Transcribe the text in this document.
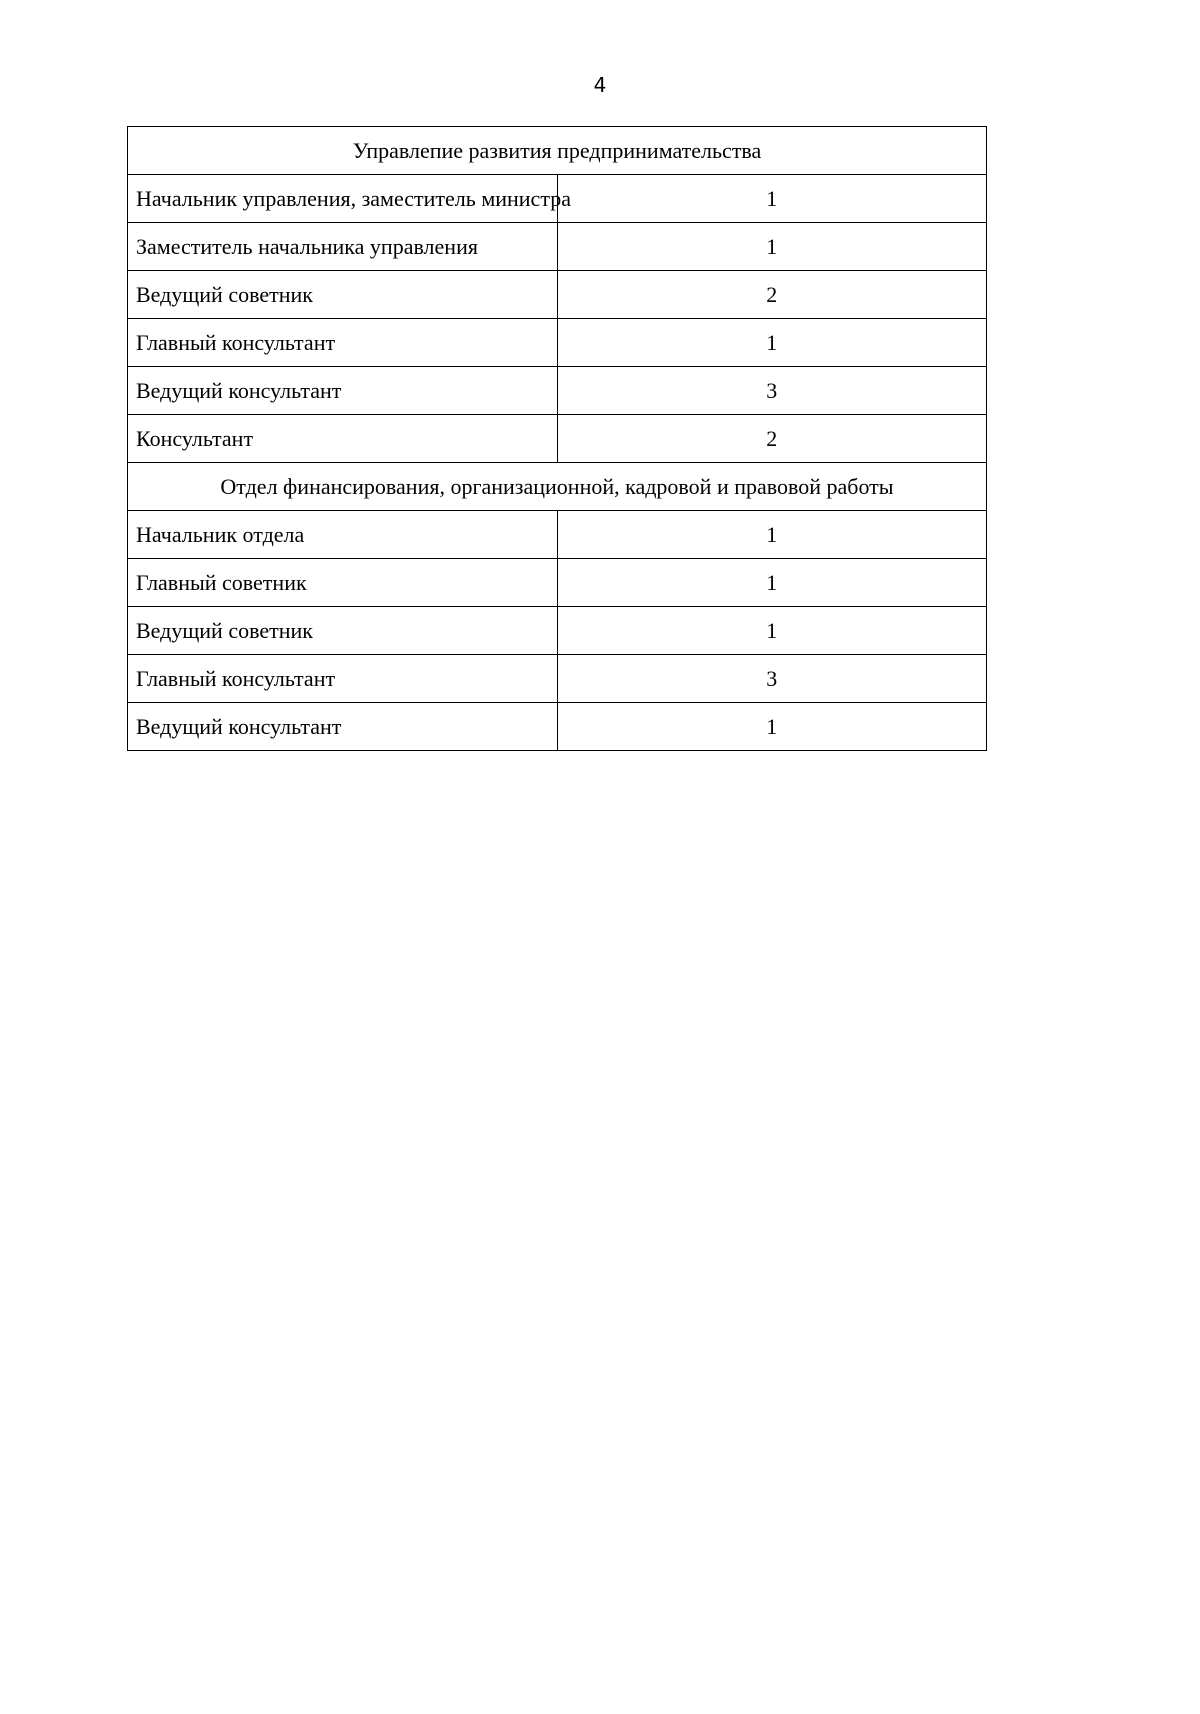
4
Управлепие развития предпринимательства	
Начальник управления, заместитель министра	1
Заместитель начальника управления	1
Ведущий советник	2
Главный консультант	1
Ведущий консультант	3
Консультант	2
Отдел финансирования, организационной, кадровой и правовой работы	
Начальник отдела	1
Главный советник	1
Ведущий советник	1
Главный консультант	3
Ведущий консультант	1
